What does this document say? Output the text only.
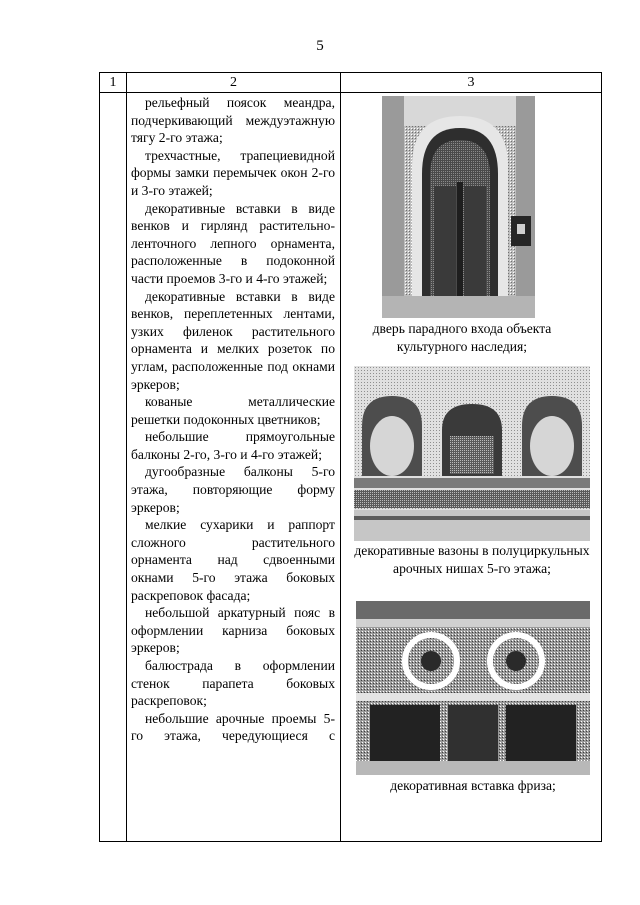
5
1	2	3

рельефный поясок меандра, подчеркивающий междуэтажную тягу 2-го этажа;

трехчастные, трапециевидной формы замки перемычек окон 2-го и 3-го этажей;

декоративные вставки в виде венков и гирлянд растительно-ленточного лепного орнамента, расположенные в подоконной части проемов 3-го и 4-го этажей;

декоративные вставки в виде венков, переплетенных лентами, узких филенок растительного орнамента и мелких розеток по углам, расположенные под окнами эркеров;

кованые металлические решетки подоконных цветников;

небольшие прямоугольные балконы 2-го, 3-го и 4-го этажей;

дугообразные балконы 5-го этажа, повторяющие форму эркеров;

мелкие сухарики и раппорт сложного растительного орнамента над сдвоенными окнами 5-го этажа боковых раскреповок фасада;

небольшой аркатурный пояс в оформлении карниза боковых эркеров;

балюстрада в оформлении стенок парапета боковых раскреповок;

небольшие арочные проемы 5-го этажа, чередующиеся с

дверь парадного входа объекта культурного наследия;
декоративные вазоны в полуциркульных арочных нишах 5-го этажа;
декоративная вставка фриза;
